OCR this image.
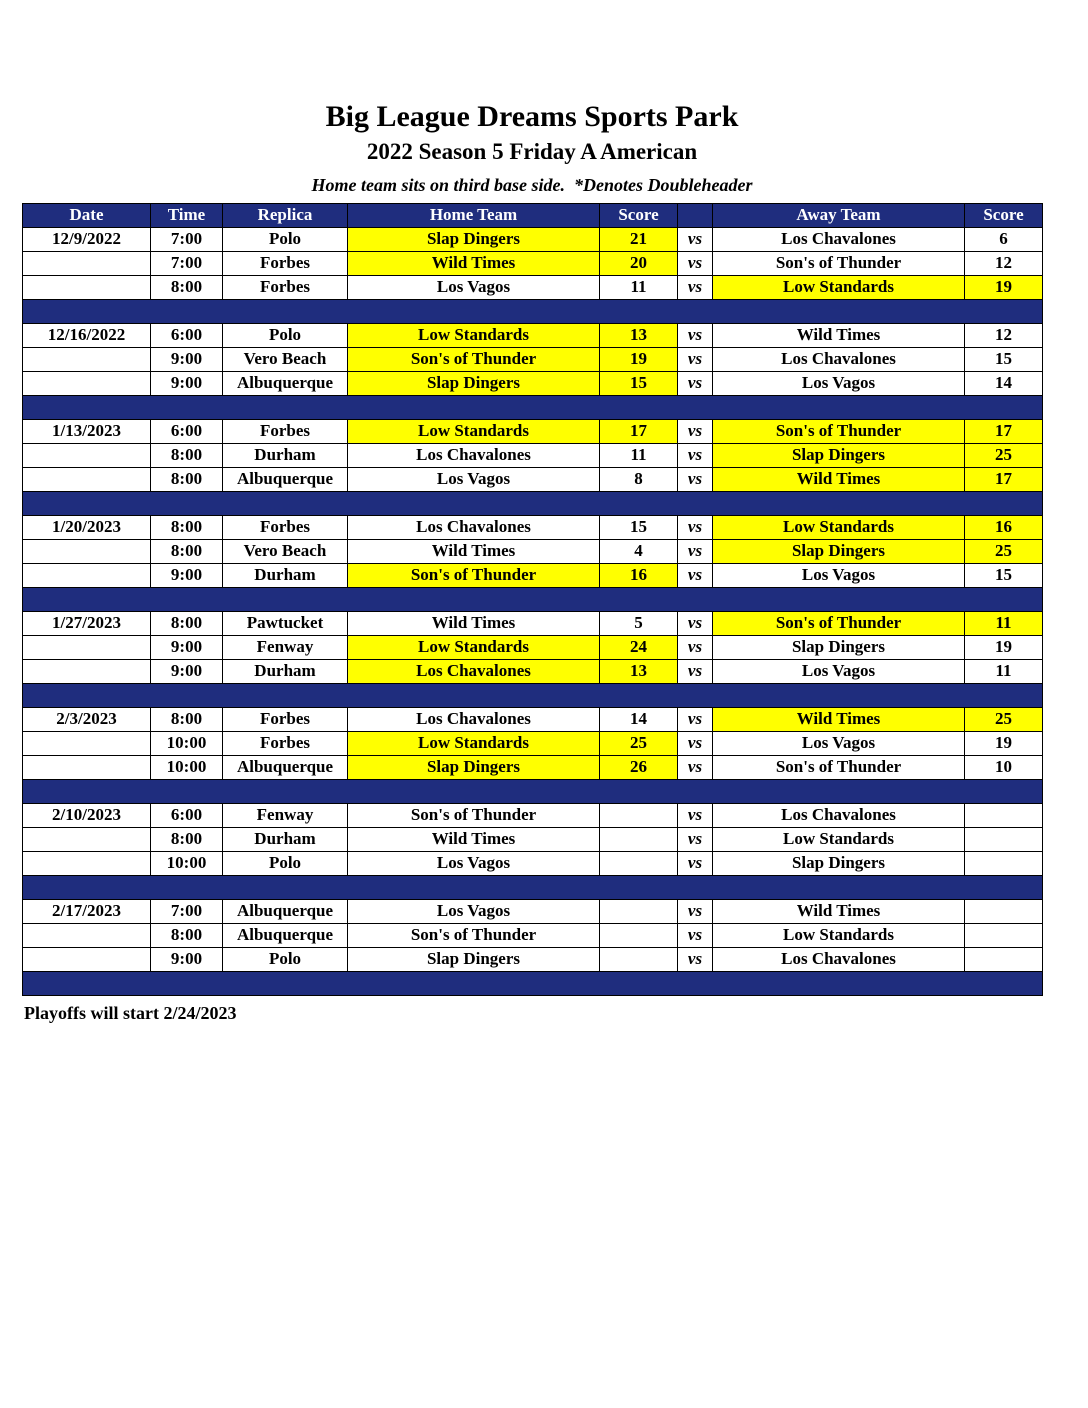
Big League Dreams Sports Park
2022 Season 5 Friday A American

Home team sits on third base side.  *Denotes Doubleheader

Date	Time	Replica	Home Team	Score		Away Team	Score
12/9/2022	7:00	Polo	Slap Dingers	21	vs	Los Chavalones	6
	7:00	Forbes	Wild Times	20	vs	Son's of Thunder	12
	8:00	Forbes	Los Vagos	11	vs	Low Standards	19

12/16/2022	6:00	Polo	Low Standards	13	vs	Wild Times	12
	9:00	Vero Beach	Son's of Thunder	19	vs	Los Chavalones	15
	9:00	Albuquerque	Slap Dingers	15	vs	Los Vagos	14

1/13/2023	6:00	Forbes	Low Standards	17	vs	Son's of Thunder	17
	8:00	Durham	Los Chavalones	11	vs	Slap Dingers	25
	8:00	Albuquerque	Los Vagos	8	vs	Wild Times	17

1/20/2023	8:00	Forbes	Los Chavalones	15	vs	Low Standards	16
	8:00	Vero Beach	Wild Times	4	vs	Slap Dingers	25
	9:00	Durham	Son's of Thunder	16	vs	Los Vagos	15

1/27/2023	8:00	Pawtucket	Wild Times	5	vs	Son's of Thunder	11
	9:00	Fenway	Low Standards	24	vs	Slap Dingers	19
	9:00	Durham	Los Chavalones	13	vs	Los Vagos	11

2/3/2023	8:00	Forbes	Los Chavalones	14	vs	Wild Times	25
	10:00	Forbes	Low Standards	25	vs	Los Vagos	19
	10:00	Albuquerque	Slap Dingers	26	vs	Son's of Thunder	10

2/10/2023	6:00	Fenway	Son's of Thunder		vs	Los Chavalones	
	8:00	Durham	Wild Times		vs	Low Standards	
	10:00	Polo	Los Vagos		vs	Slap Dingers	

2/17/2023	7:00	Albuquerque	Los Vagos		vs	Wild Times	
	8:00	Albuquerque	Son's of Thunder		vs	Low Standards	
	9:00	Polo	Slap Dingers		vs	Los Chavalones	

Playoffs will start 2/24/2023
